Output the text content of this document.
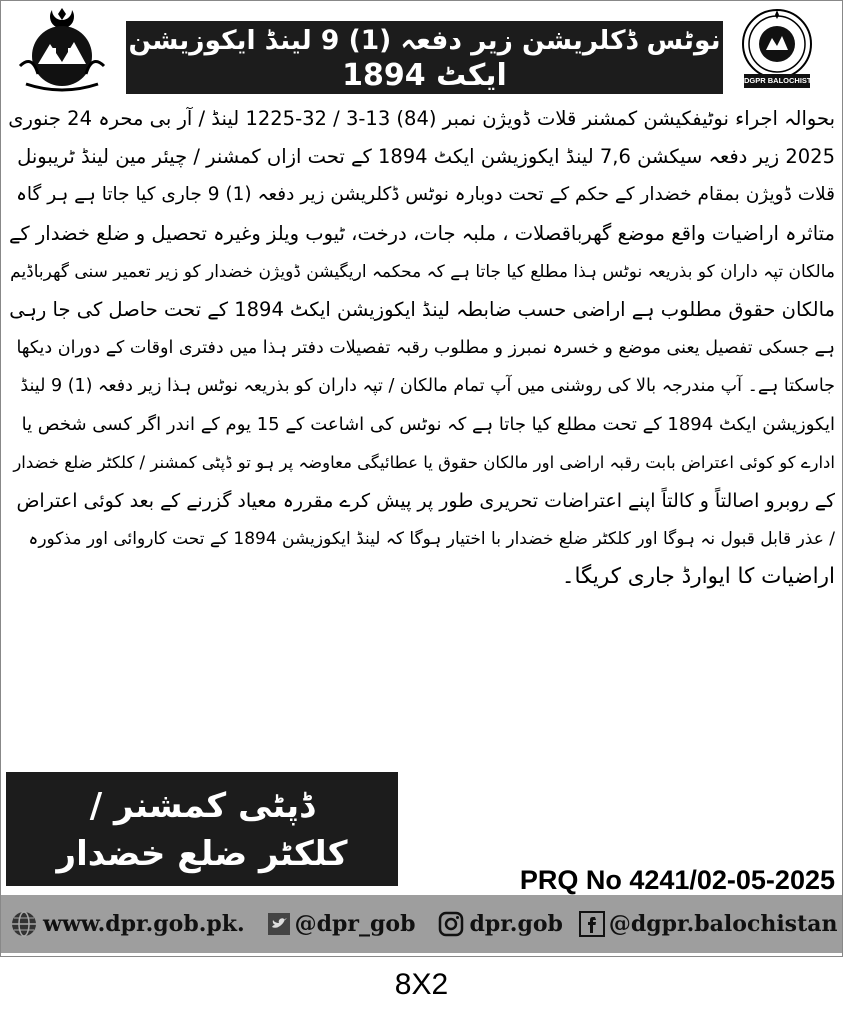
نوٹس ڈکلریشن زیر دفعہ (1) 9 لینڈ ایکوزیشن
ایکٹ 1894	DGPR BALOCHISTAN
بحوالہ اجراء نوٹیفکیشن کمشنر قلات ڈویژن نمبر (84) 13-3 / 32-1225 لینڈ / آر بی محرہ 24 جنوری
2025 زیر دفعہ سیکشن 7,6 لینڈ ایکوزیشن ایکٹ 1894 کے تحت ازاں کمشنر / چیئر مین لینڈ ٹریبونل
قلات ڈویژن بمقام خضدار کے حکم کے تحت دوبارہ نوٹس ڈکلریشن زیر دفعہ (1) 9 جاری کیا جاتا ہے ہر گاہ
متاثرہ اراضیات واقع موضع گھرباقصلات ، ملبہ جات، درخت، ٹیوب ویلز وغیرہ تحصیل و ضلع خضدار کے
مالکان تپہ داران کو بذریعہ نوٹس ہذا مطلع کیا جاتا ہے کہ محکمہ اریگیشن ڈویژن خضدار کو زیر تعمیر سنی گھرباڈیم
مالکان حقوق مطلوب ہے اراضی حسب ضابطہ لینڈ ایکوزیشن ایکٹ 1894 کے تحت حاصل کی جا رہی
ہے جسکی تفصیل یعنی موضع و خسرہ نمبرز و مطلوب رقبہ تفصیلات دفتر ہذا میں دفتری اوقات کے دوران دیکھا
جاسکتا ہے۔ آپ مندرجہ بالا کی روشنی میں آپ تمام مالکان / تپہ داران کو بذریعہ نوٹس ہذا زیر دفعہ (1) 9 لینڈ
ایکوزیشن ایکٹ 1894 کے تحت مطلع کیا جاتا ہے کہ نوٹس کی اشاعت کے 15 یوم کے اندر اگر کسی شخص یا
ادارے کو کوئی اعتراض بابت رقبہ اراضی اور مالکان حقوق یا عطائیگی معاوضہ پر ہو تو ڈپٹی کمشنر / کلکٹر ضلع خضدار
کے روبرو اصالتاً و کالتاً اپنے اعتراضات تحریری طور پر پیش کرے مقررہ معیاد گزرنے کے بعد کوئی اعتراض
/ عذر قابل قبول نہ ہوگا اور کلکٹر ضلع خضدار با اختیار ہوگا کہ لینڈ ایکوزیشن 1894 کے تحت کاروائی اور مذکورہ
اراضیات کا ایوارڈ جاری کریگا۔
ڈپٹی کمشنر /
کلکٹر ضلع خضدار
PRQ No 4241/02-05-2025
www.dpr.gob.pk. @dpr_gob dpr.gob @dgpr.balochistan
8X2
